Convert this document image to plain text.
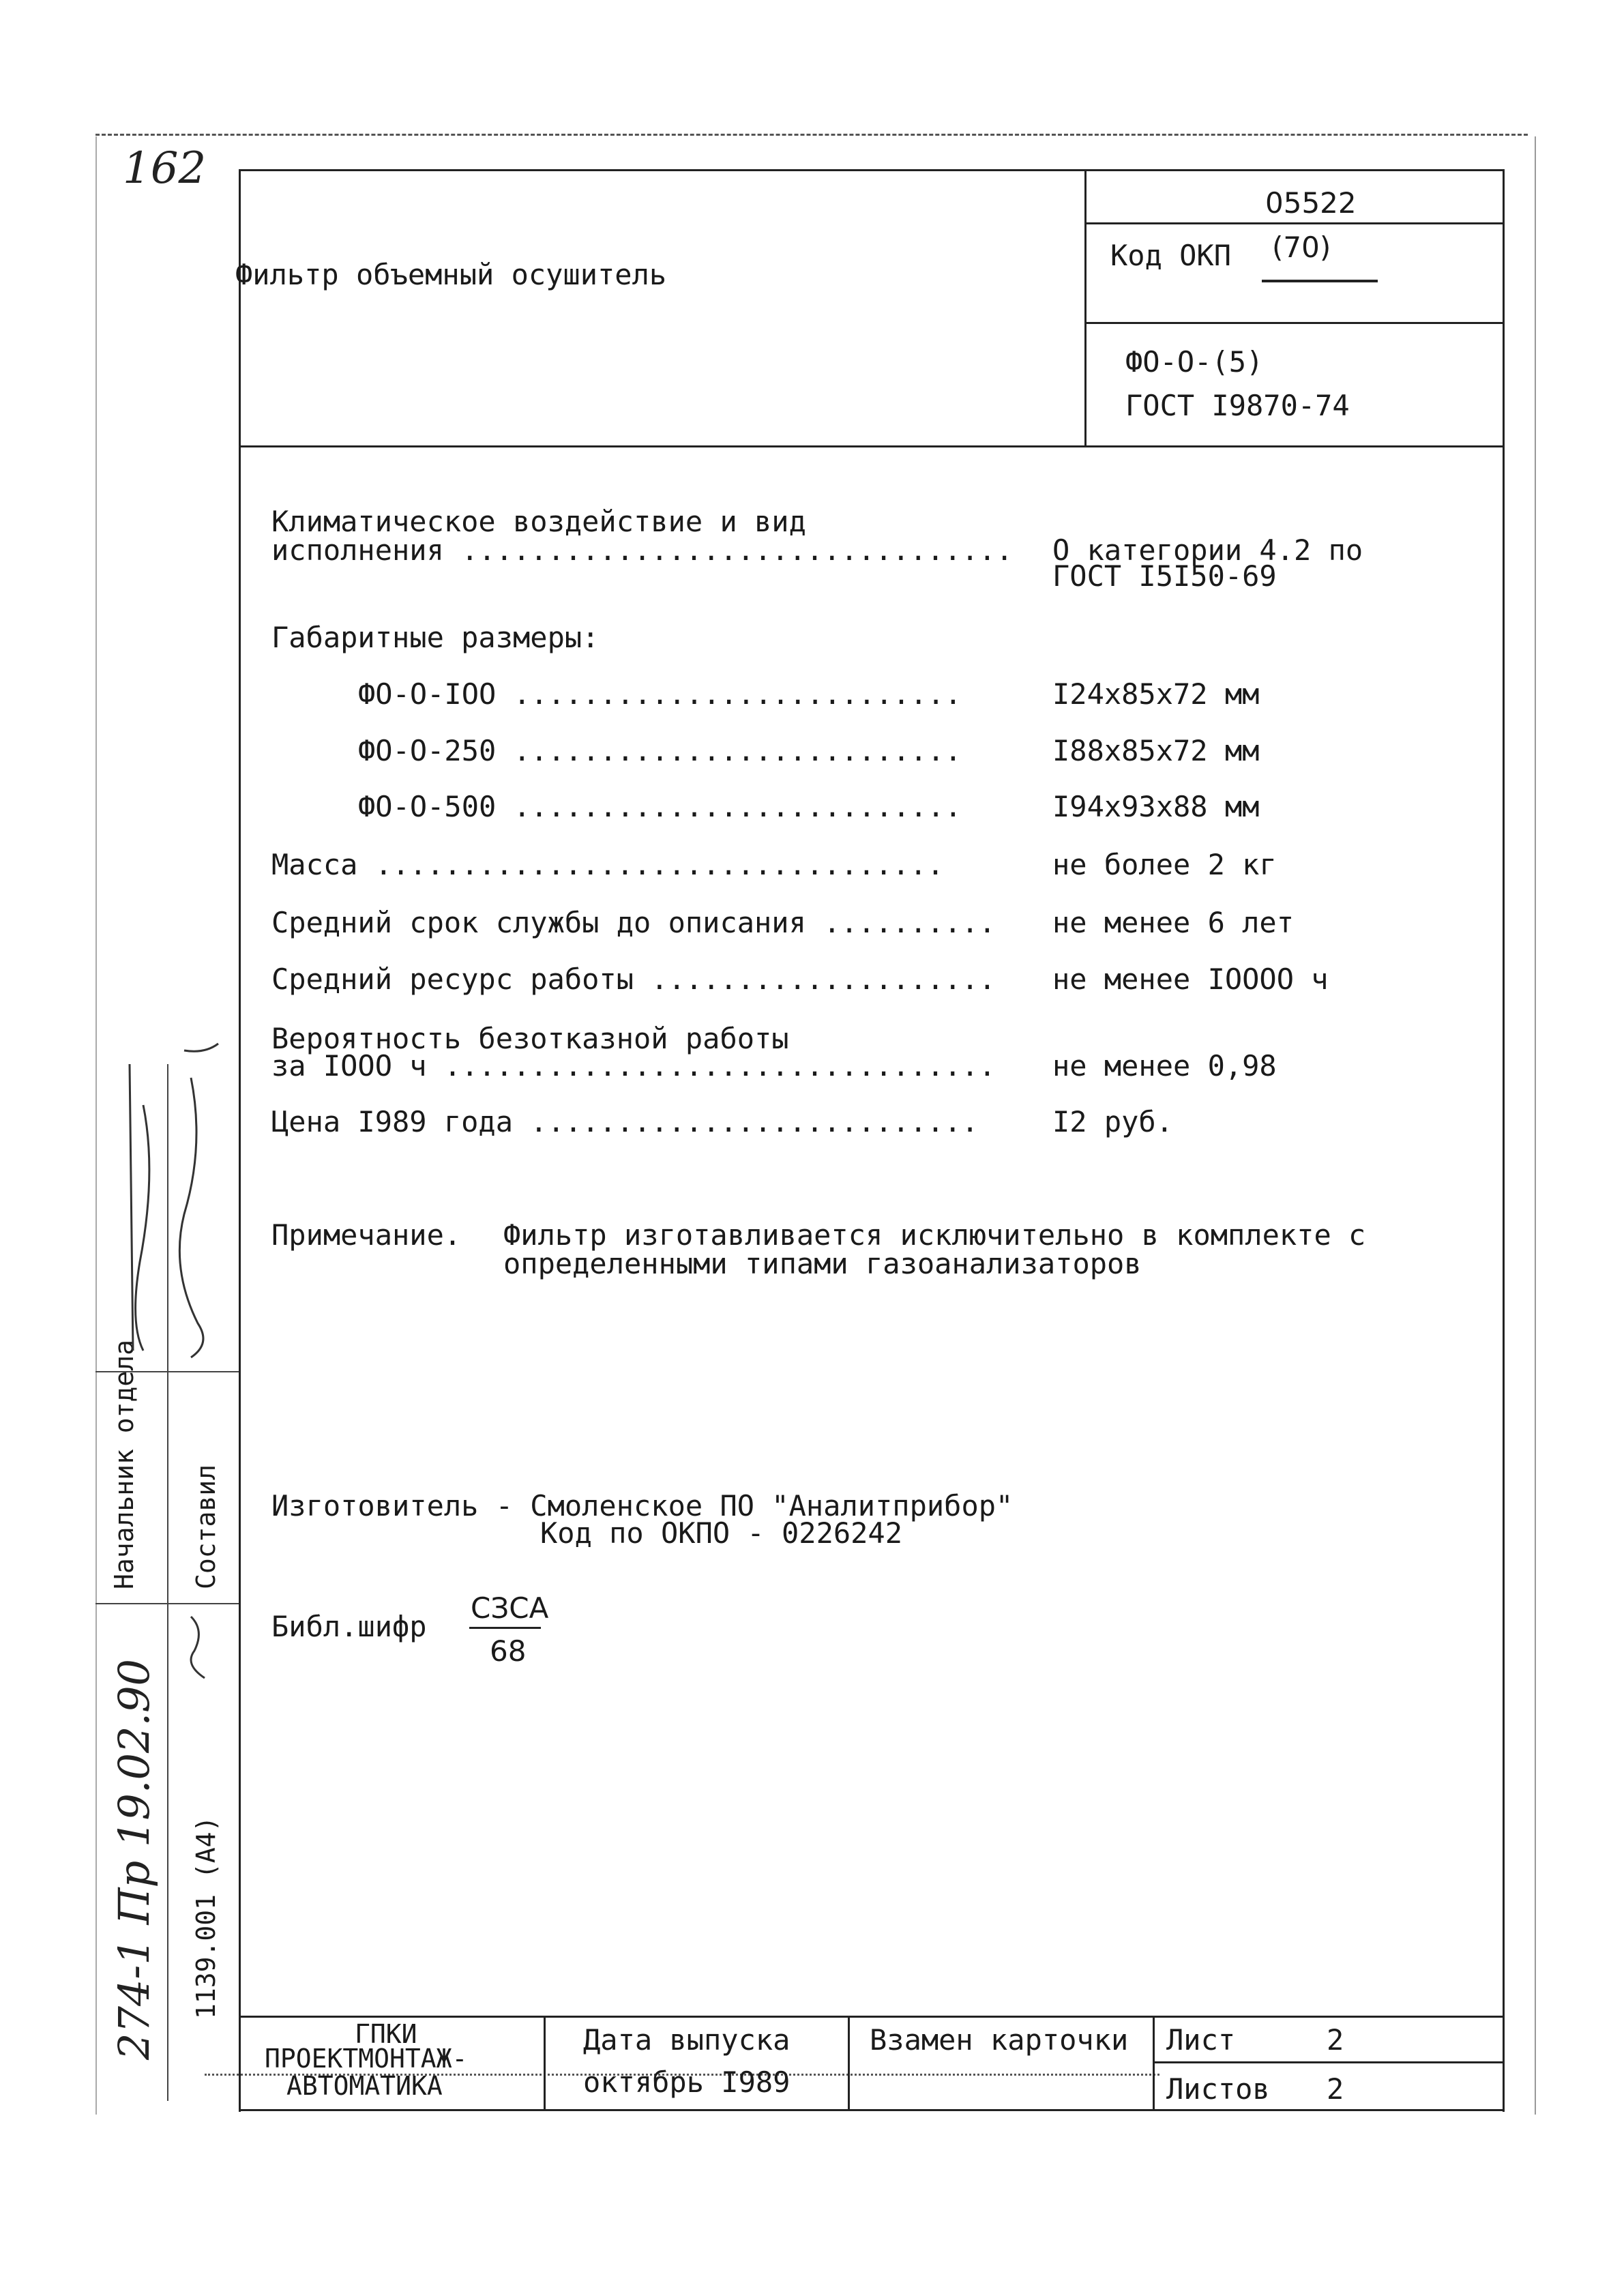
162
Фильтр объемный осушитель
05522
Код ОКП (70)
ФО-О-(5)
ГОСТ I9870-74
Климатическое воздействие и вид
исполнения ................................ О категории 4.2 по
ГОСТ I5I50-69
Габаритные размеры:
ФО-О-IОО ..........................	I24х85х72 мм
ФО-О-250 ..........................	I88х85х72 мм
ФО-О-500 ..........................	I94х93х88 мм
Масса .................................	не более 2 кг
Средний срок службы до описания .......... не менее 6 лет
Средний ресурс работы .................... не менее IОООО ч
Вероятность безотказной работы
за IООО ч ................................ не менее 0,98
Цена I989 года ..........................	I2 руб.
Примечание. Фильтр изготавливается исключительно в комплекте с
определенными типами газоанализаторов
Изготовитель - Смоленское ПО "Аналитприбор"
Код по ОКПО - 0226242
Библ.шифр
СЗСА
68
Начальник отдела Составил
1139.001 (А4)
274-1 Пр 19.02.90	ГПКИ
ПРОЕКТМОНТАЖ-
АВТОМАТИКА
Дата выпуска
октябрь I989
Взамен карточки Лист	2
Листов 2
